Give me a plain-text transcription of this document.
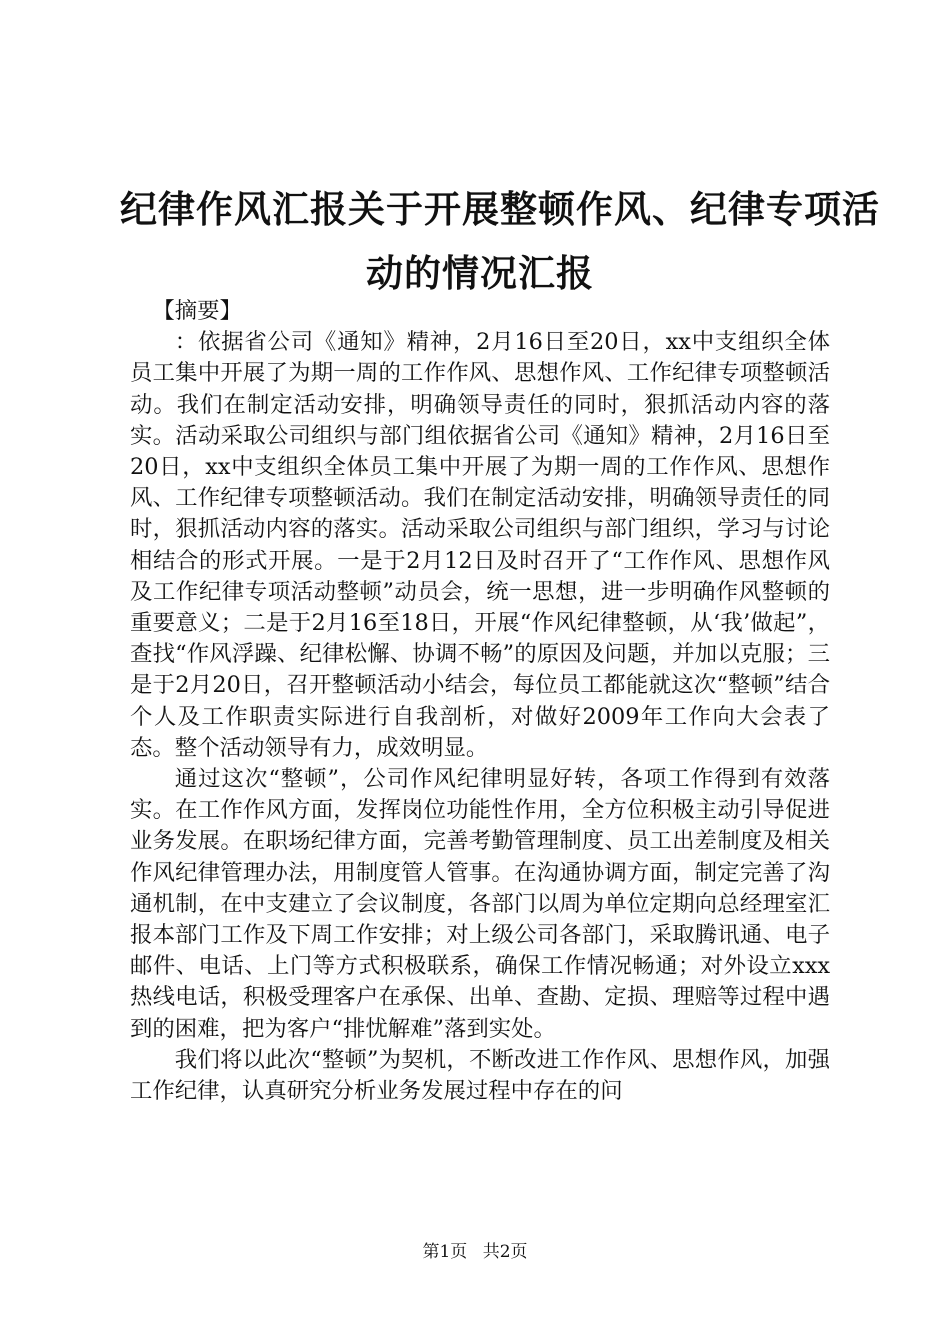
纪律作风汇报关于开展整顿作风、纪律专项活
动的情况汇报

【摘要】

：依据省公司《通知》精神，2月16日至20日，xx中支组织全体员工集中开展了为期一周的工作作风、思想作风、工作纪律专项整顿活动。我们在制定活动安排，明确领导责任的同时，狠抓活动内容的落实。活动采取公司组织与部门组依据省公司《通知》精神，2月16日至20日，xx中支组织全体员工集中开展了为期一周的工作作风、思想作风、工作纪律专项整顿活动。我们在制定活动安排，明确领导责任的同时，狠抓活动内容的落实。活动采取公司组织与部门组织，学习与讨论相结合的形式开展。一是于2月12日及时召开了“工作作风、思想作风及工作纪律专项活动整顿”动员会，统一思想，进一步明确作风整顿的重要意义；二是于2月16至18日，开展“作风纪律整顿，从‘我’做起”，查找“作风浮躁、纪律松懈、协调不畅”的原因及问题，并加以克服；三是于2月20日，召开整顿活动小结会，每位员工都能就这次“整顿”结合个人及工作职责实际进行自我剖析，对做好2009年工作向大会表了态。整个活动领导有力，成效明显。

通过这次“整顿”，公司作风纪律明显好转，各项工作得到有效落实。在工作作风方面，发挥岗位功能性作用，全方位积极主动引导促进业务发展。在职场纪律方面，完善考勤管理制度、员工出差制度及相关作风纪律管理办法，用制度管人管事。在沟通协调方面，制定完善了沟通机制，在中支建立了会议制度，各部门以周为单位定期向总经理室汇报本部门工作及下周工作安排；对上级公司各部门，采取腾讯通、电子邮件、电话、上门等方式积极联系，确保工作情况畅通；对外设立xxx热线电话，积极受理客户在承保、出单、查勘、定损、理赔等过程中遇到的困难，把为客户“排忧解难”落到实处。

我们将以此次“整顿”为契机，不断改进工作作风、思想作风，加强工作纪律，认真研究分析业务发展过程中存在的问

第1页 共2页
